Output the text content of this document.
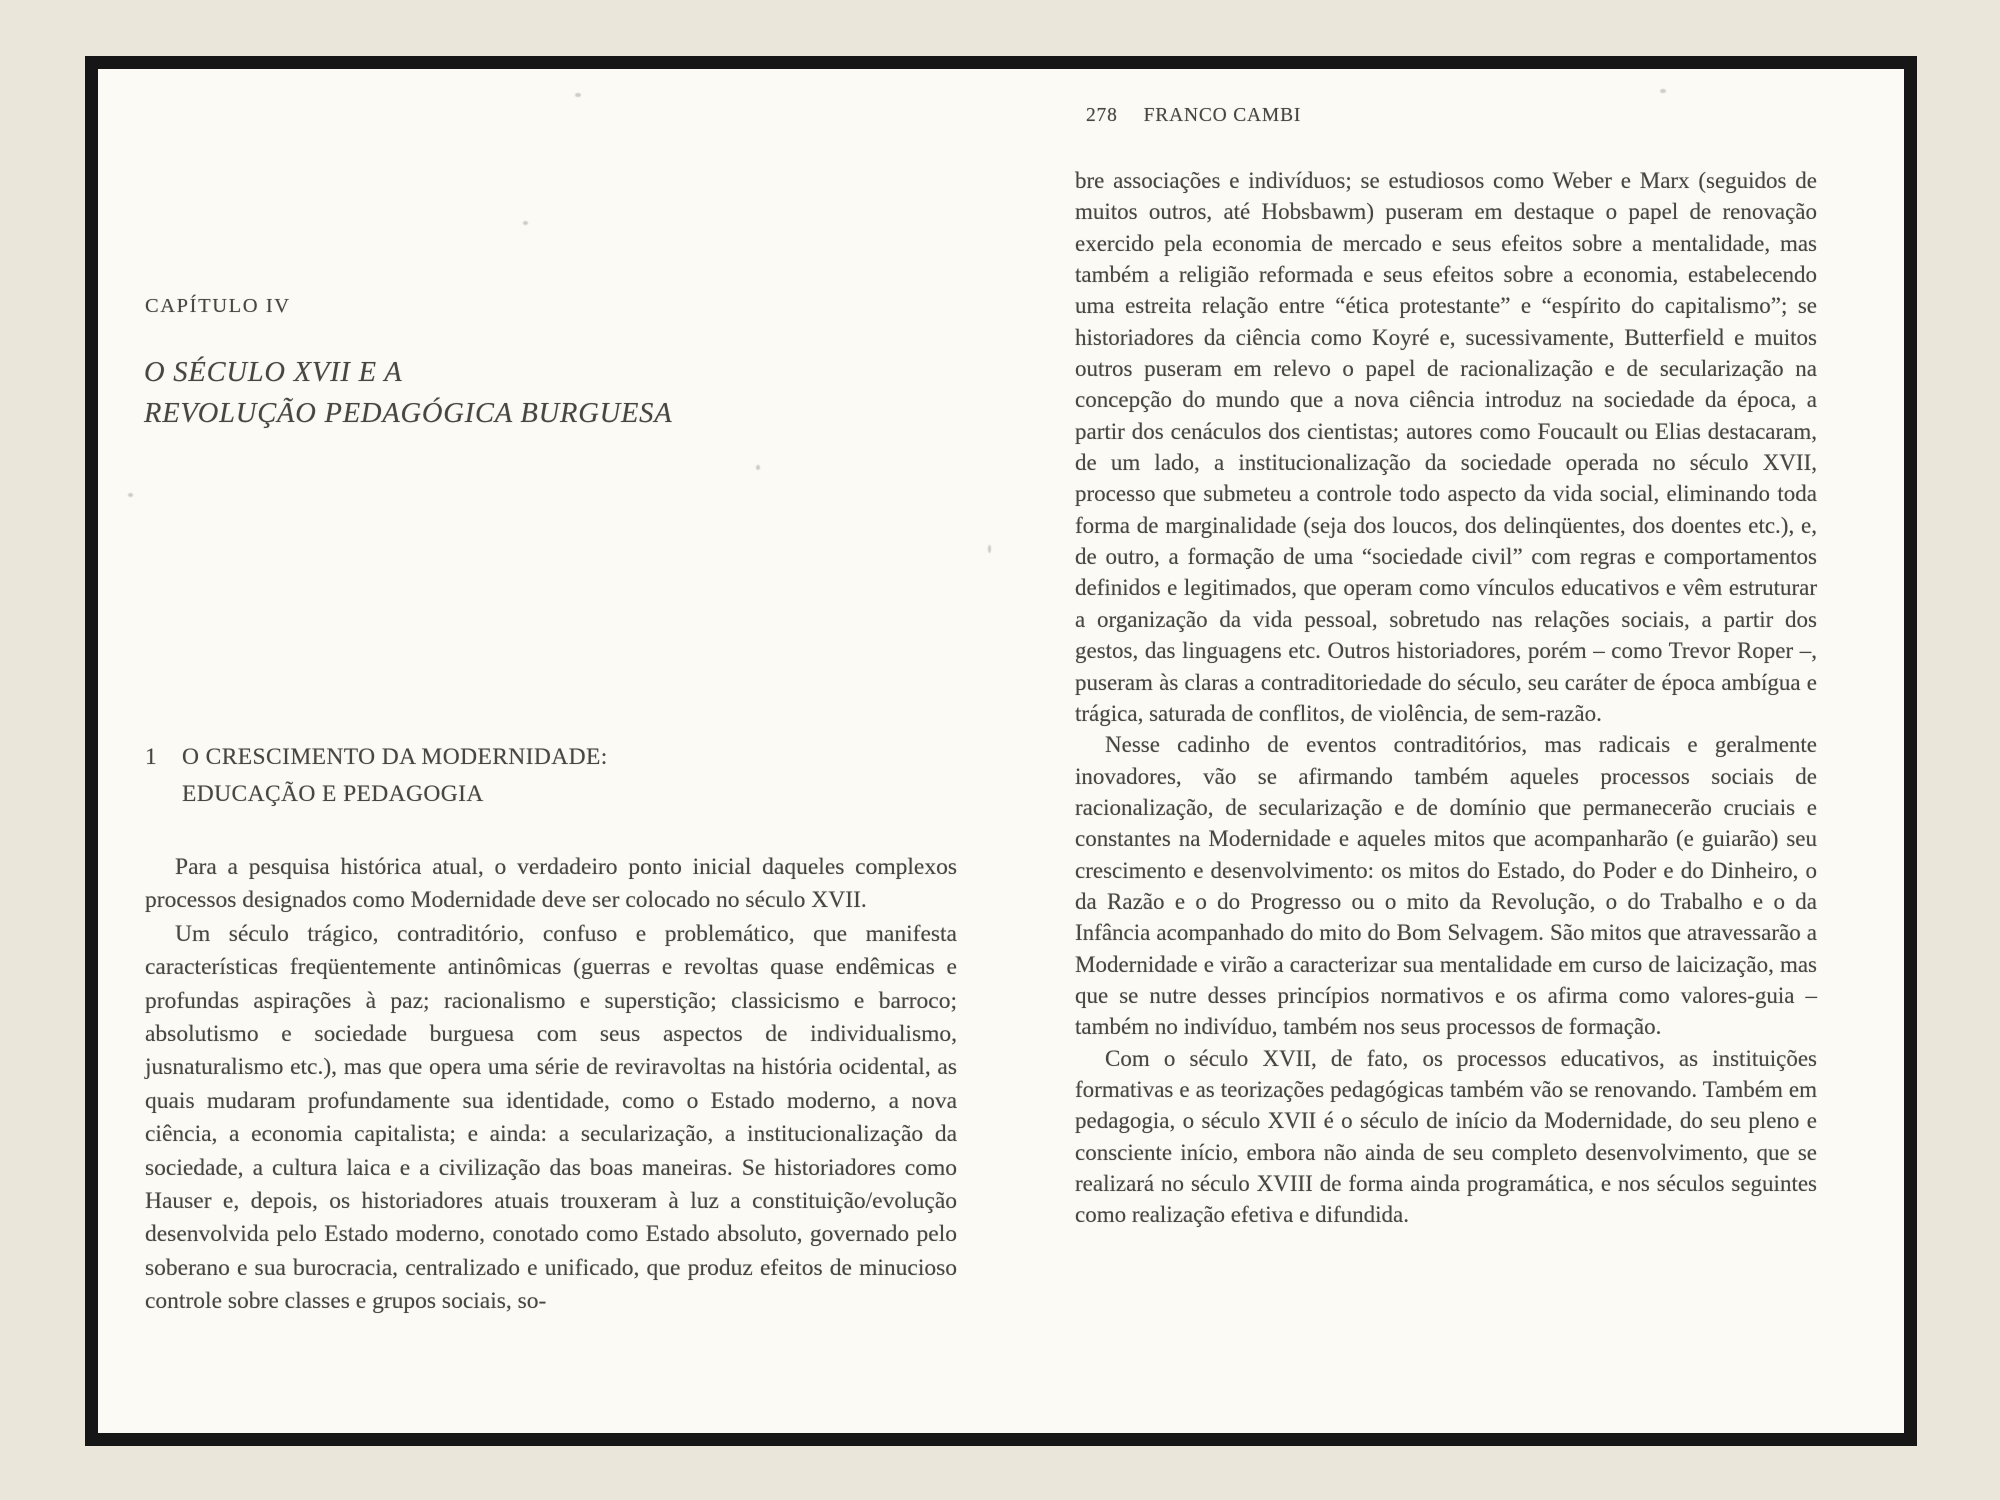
CAPÍTULO IV
O SÉCULO XVII E A
REVOLUÇÃO PEDAGÓGICA BURGUESA
1 O CRESCIMENTO DA MODERNIDADE:
EDUCAÇÃO E PEDAGOGIA

Para a pesquisa histórica atual, o verdadeiro ponto inicial daqueles complexos processos designados como Modernidade deve ser colocado no século XVII.

Um século trágico, contraditório, confuso e problemático, que manifesta características freqüentemente antinômicas (guerras e revoltas quase endêmicas e profundas aspirações à paz; racionalismo e superstição; classicismo e barroco; absolutismo e sociedade burguesa com seus aspectos de individualismo, jusnaturalismo etc.), mas que opera uma série de reviravoltas na história ocidental, as quais mudaram profundamente sua identidade, como o Estado moderno, a nova ciência, a economia capitalista; e ainda: a secularização, a institucionalização da sociedade, a cultura laica e a civilização das boas maneiras. Se historiadores como Hauser e, depois, os historiadores atuais trouxeram à luz a constituição/evolução desenvolvida pelo Estado moderno, conotado como Estado absoluto, governado pelo soberano e sua burocracia, centralizado e unificado, que produz efeitos de minucioso controle sobre classes e grupos sociais, so-

278 FRANCO CAMBI

bre associações e indivíduos; se estudiosos como Weber e Marx (seguidos de muitos outros, até Hobsbawm) puseram em destaque o papel de renovação exercido pela economia de mercado e seus efeitos sobre a mentalidade, mas também a religião reformada e seus efeitos sobre a economia, estabelecendo uma estreita relação entre “ética protestante” e “espírito do capitalismo”; se historiadores da ciência como Koyré e, sucessivamente, Butterfield e muitos outros puseram em relevo o papel de racionalização e de secularização na concepção do mundo que a nova ciência introduz na sociedade da época, a partir dos cenáculos dos cientistas; autores como Foucault ou Elias destacaram, de um lado, a institucionalização da sociedade operada no século XVII, processo que submeteu a controle todo aspecto da vida social, eliminando toda forma de marginalidade (seja dos loucos, dos delinqüentes, dos doentes etc.), e, de outro, a formação de uma “sociedade civil” com regras e comportamentos definidos e legitimados, que operam como vínculos educativos e vêm estruturar a organização da vida pessoal, sobretudo nas relações sociais, a partir dos gestos, das linguagens etc. Outros historiadores, porém – como Trevor Roper –, puseram às claras a contraditoriedade do século, seu caráter de época ambígua e trágica, saturada de conflitos, de violência, de sem-razão.

Nesse cadinho de eventos contraditórios, mas radicais e geralmente inovadores, vão se afirmando também aqueles processos sociais de racionalização, de secularização e de domínio que permanecerão cruciais e constantes na Modernidade e aqueles mitos que acompanharão (e guiarão) seu crescimento e desenvolvimento: os mitos do Estado, do Poder e do Dinheiro, o da Razão e o do Progresso ou o mito da Revolução, o do Trabalho e o da Infância acompanhado do mito do Bom Selvagem. São mitos que atravessarão a Modernidade e virão a caracterizar sua mentalidade em curso de laicização, mas que se nutre desses princípios normativos e os afirma como valores-guia – também no indivíduo, também nos seus processos de formação.

Com o século XVII, de fato, os processos educativos, as instituições formativas e as teorizações pedagógicas também vão se renovando. Também em pedagogia, o século XVII é o século de início da Modernidade, do seu pleno e consciente início, embora não ainda de seu completo desenvolvimento, que se realizará no século XVIII de forma ainda programática, e nos séculos seguintes como realização efetiva e difundida.
